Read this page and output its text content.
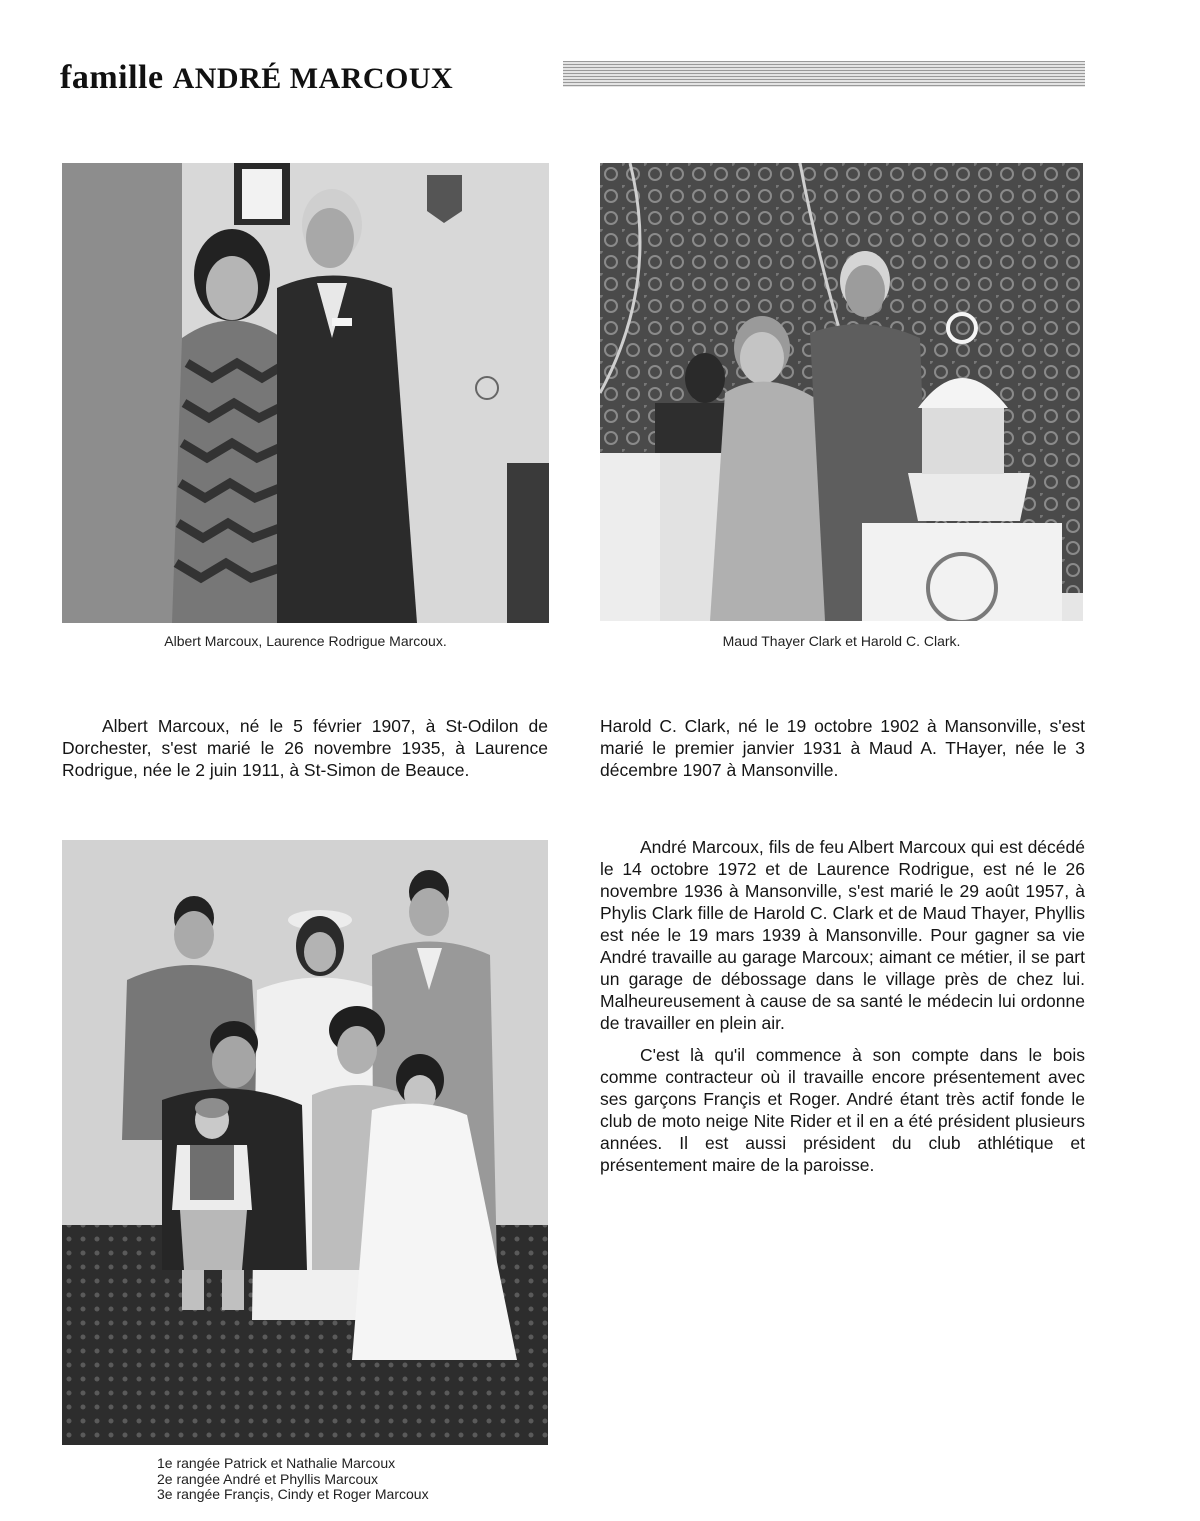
famille ANDRÉ MARCOUX
Albert Marcoux, Laurence Rodrigue Marcoux.	Maud Thayer Clark et Harold C. Clark.

Albert Marcoux, né le 5 février 1907, à St-Odilon de Dorchester, s'est marié le 26 novembre 1935, à Laurence Rodrigue, née le 2 juin 1911, à St-Simon de Beauce.

Harold C. Clark, né le 19 octobre 1902 à Mansonville, s'est marié le premier janvier 1931 à Maud A. THayer, née le 3 décembre 1907 à Mansonville.

André Marcoux, fils de feu Albert Marcoux qui est décédé le 14 octobre 1972 et de Laurence Rodrigue, est né le 26 novembre 1936 à Mansonville, s'est marié le 29 août 1957, à Phylis Clark fille de Harold C. Clark et de Maud Thayer, Phyllis est née le 19 mars 1939 à Mansonville. Pour gagner sa vie André travaille au garage Marcoux; aimant ce métier, il se part un garage de débossage dans le village près de chez lui. Malheureusement à cause de sa santé le médecin lui ordonne de travailler en plein air.

C'est là qu'il commence à son compte dans le bois comme contracteur où il travaille encore présentement avec ses garçons Françis et Roger. André étant très actif fonde le club de moto neige Nite Rider et il en a été président plusieurs années. Il est aussi président du club athlétique et présentement maire de la paroisse.

1e rangée Patrick et Nathalie Marcoux
2e rangée André et Phyllis Marcoux
3e rangée Françis, Cindy et Roger Marcoux
